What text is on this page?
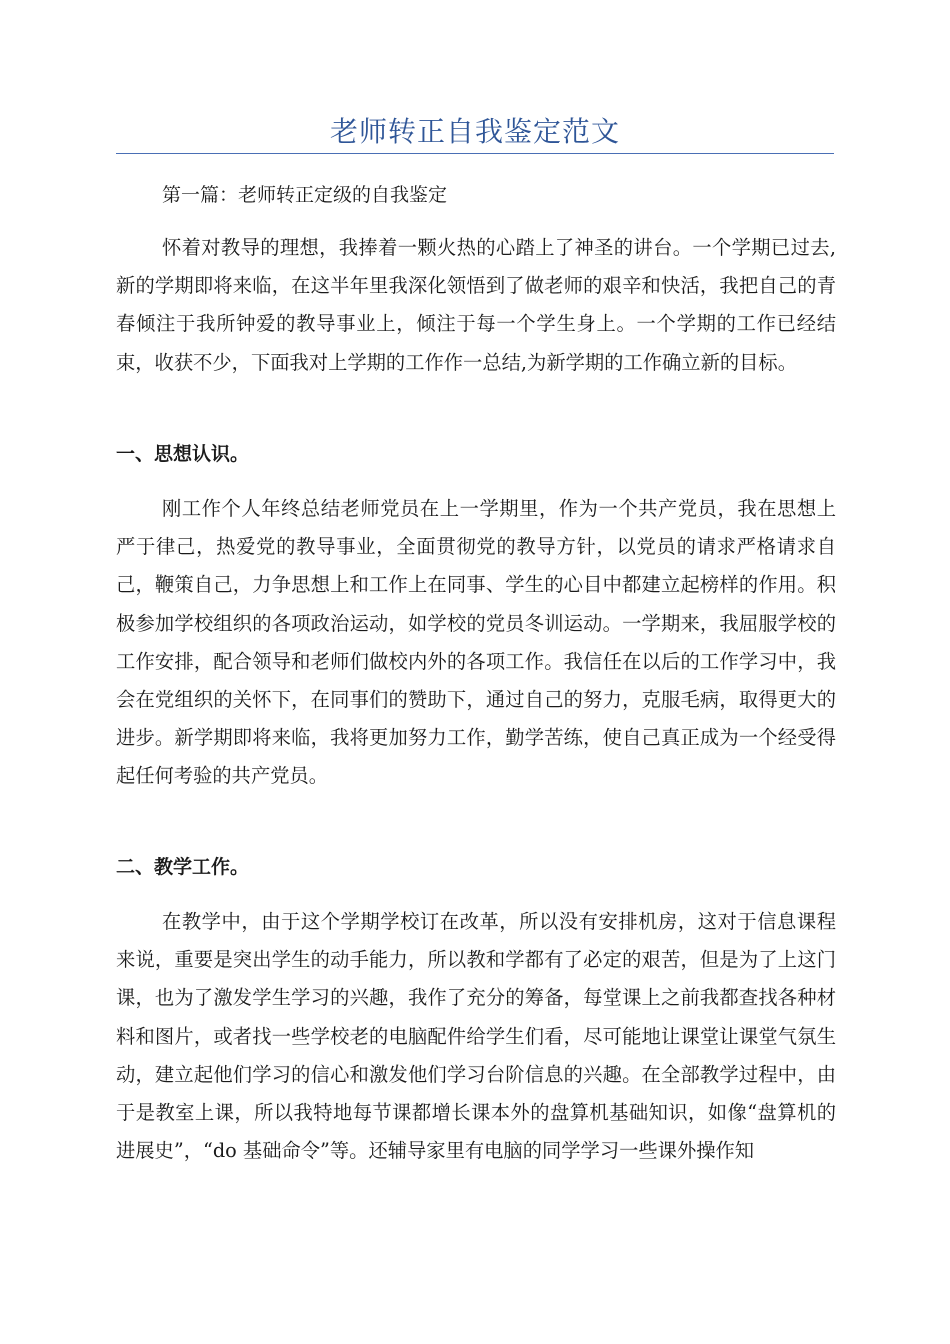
老师转正自我鉴定范文
第一篇：老师转正定级的自我鉴定

怀着对教导的理想，我捧着一颗火热的心踏上了神圣的讲台。一个学期已过去,新的学期即将来临，在这半年里我深化领悟到了做老师的艰辛和快活，我把自己的青春倾注于我所钟爱的教导事业上，倾注于每一个学生身上。一个学期的工作已经结束，收获不少，下面我对上学期的工作作一总结,为新学期的工作确立新的目标。

一、思想认识。

刚工作个人年终总结老师党员在上一学期里，作为一个共产党员，我在思想上严于律己，热爱党的教导事业，全面贯彻党的教导方针，以党员的请求严格请求自己，鞭策自己，力争思想上和工作上在同事、学生的心目中都建立起榜样的作用。积极参加学校组织的各项政治运动，如学校的党员冬训运动。一学期来，我屈服学校的工作安排，配合领导和老师们做校内外的各项工作。我信任在以后的工作学习中，我会在党组织的关怀下，在同事们的赞助下，通过自己的努力，克服毛病，取得更大的进步。新学期即将来临，我将更加努力工作，勤学苦练，使自己真正成为一个经受得起任何考验的共产党员。

二、教学工作。

在教学中，由于这个学期学校订在改革，所以没有安排机房，这对于信息课程来说，重要是突出学生的动手能力，所以教和学都有了必定的艰苦，但是为了上这门课，也为了激发学生学习的兴趣，我作了充分的筹备，每堂课上之前我都查找各种材料和图片，或者找一些学校老的电脑配件给学生们看，尽可能地让课堂让课堂气氛生动，建立起他们学习的信心和激发他们学习台阶信息的兴趣。在全部教学过程中，由于是教室上课，所以我特地每节课都增长课本外的盘算机基础知识，如像“盘算机的进展史”，“do 基础命令”等。还辅导家里有电脑的同学学习一些课外操作知
